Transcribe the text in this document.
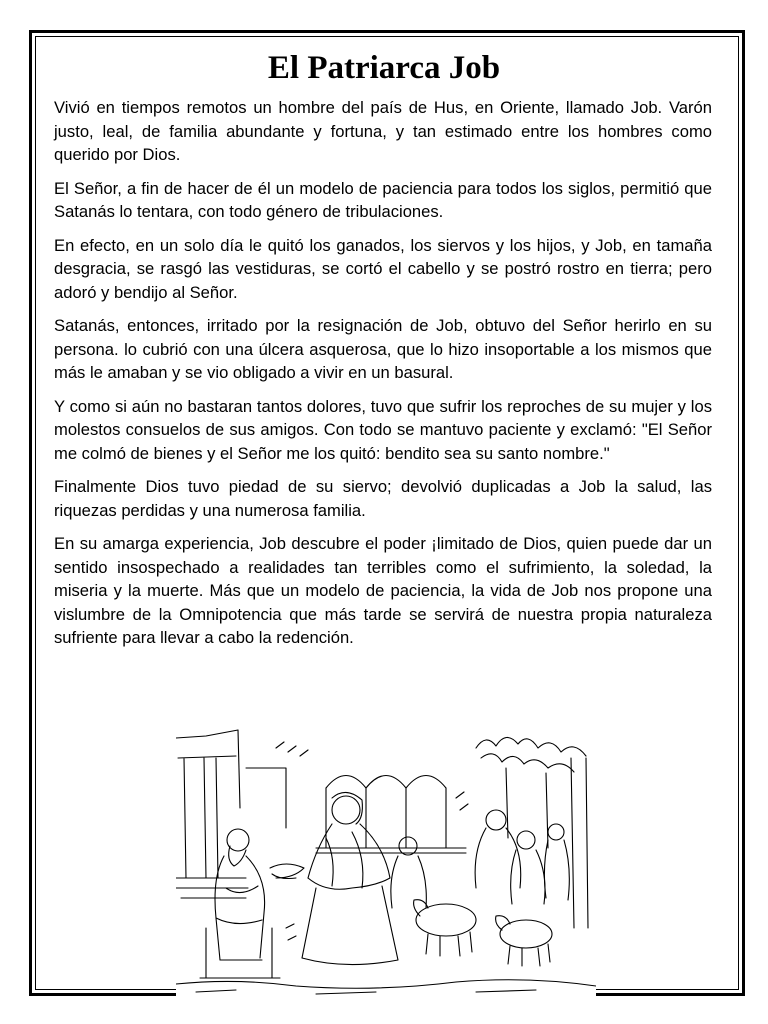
El Patriarca Job

Vivió en tiempos remotos un hombre del país de Hus, en Oriente, llamado Job. Varón justo, leal, de familia abundante y fortuna, y tan estimado entre los hombres como querido por Dios.

El Señor, a fin de hacer de él un modelo de paciencia para todos los siglos, permitió que Satanás lo tentara, con todo género de tribulaciones.

En efecto, en un solo día le quitó los ganados, los siervos y los hijos, y Job, en tamaña desgracia, se rasgó las vestiduras, se cortó el cabello y se postró rostro en tierra; pero adoró y bendijo al Señor.

Satanás, entonces, irritado por la resignación de Job, obtuvo del Señor herirlo en su persona. lo cubrió con una úlcera asquerosa, que lo hizo insoportable a los mismos que más le amaban y se vio obligado a vivir en un basural.

Y como si aún no bastaran tantos dolores, tuvo que sufrir los reproches de su mujer y los molestos consuelos de sus amigos. Con todo se mantuvo paciente y exclamó: "El Señor me colmó de bienes y el Señor me los quitó: bendito sea su santo nombre."

Finalmente Dios tuvo piedad de su siervo; devolvió duplicadas a Job la salud, las riquezas perdidas y una numerosa familia.

En su amarga experiencia, Job descubre el poder ¡limitado de Dios, quien puede dar un sentido insospechado a realidades tan terribles como el sufrimiento, la soledad, la miseria y la muerte. Más que un modelo de paciencia, la vida de Job nos propone una vislumbre de la Omnipotencia que más tarde se servirá de nuestra propia naturaleza sufriente para llevar a cabo la redención.
